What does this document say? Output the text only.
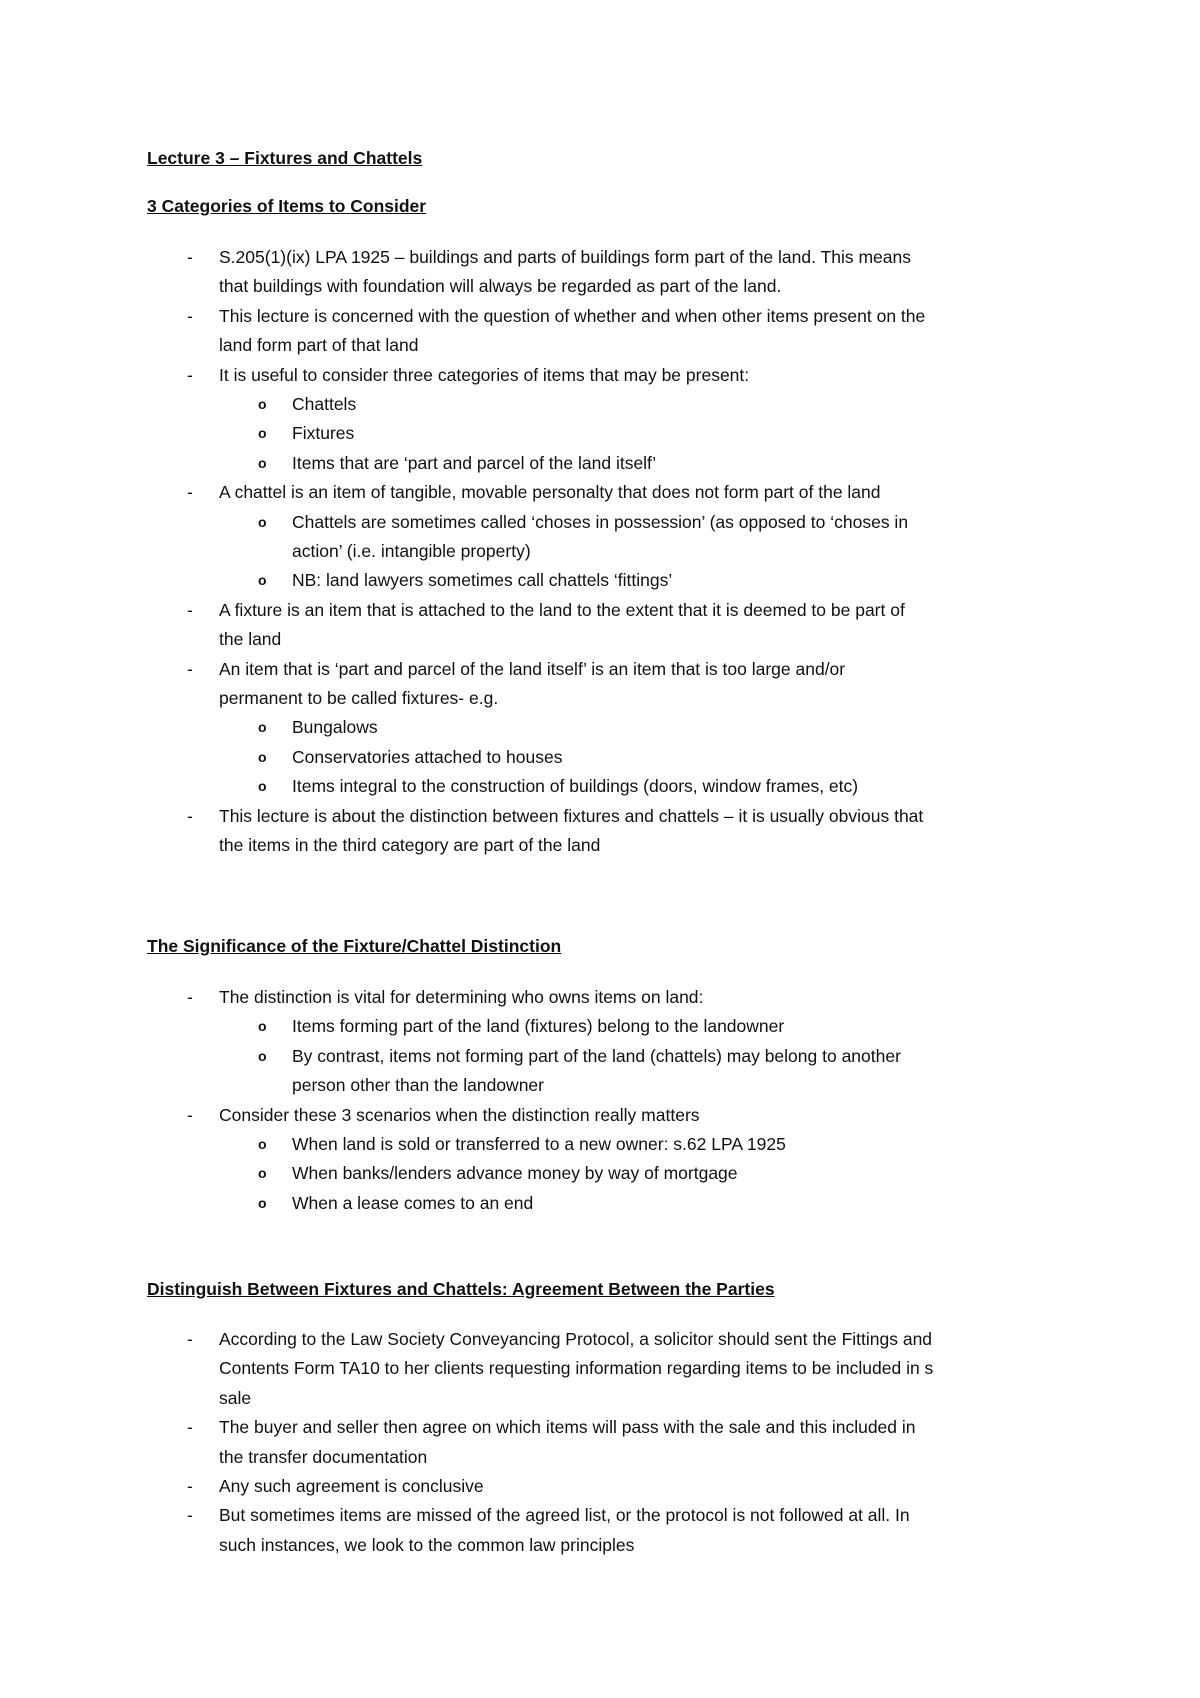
Lecture 3 – Fixtures and Chattels
3 Categories of Items to Consider
- S.205(1)(ix) LPA 1925 – buildings and parts of buildings form part of the land. This means
that buildings with foundation will always be regarded as part of the land.
- This lecture is concerned with the question of whether and when other items present on the
land form part of that land
- It is useful to consider three categories of items that may be present:
o Chattels
o Fixtures
o Items that are ‘part and parcel of the land itself’
- A chattel is an item of tangible, movable personalty that does not form part of the land
o Chattels are sometimes called ‘choses in possession’ (as opposed to ‘choses in
action’ (i.e. intangible property)
o NB: land lawyers sometimes call chattels ‘fittings’
- A fixture is an item that is attached to the land to the extent that it is deemed to be part of
the land
- An item that is ‘part and parcel of the land itself’ is an item that is too large and/or
permanent to be called fixtures- e.g.
o Bungalows
o Conservatories attached to houses
o Items integral to the construction of buildings (doors, window frames, etc)
- This lecture is about the distinction between fixtures and chattels – it is usually obvious that
the items in the third category are part of the land
The Significance of the Fixture/Chattel Distinction
- The distinction is vital for determining who owns items on land:
o Items forming part of the land (fixtures) belong to the landowner
o By contrast, items not forming part of the land (chattels) may belong to another
person other than the landowner
- Consider these 3 scenarios when the distinction really matters
o When land is sold or transferred to a new owner: s.62 LPA 1925
o When banks/lenders advance money by way of mortgage
o When a lease comes to an end
Distinguish Between Fixtures and Chattels: Agreement Between the Parties
- According to the Law Society Conveyancing Protocol, a solicitor should sent the Fittings and
Contents Form TA10 to her clients requesting information regarding items to be included in s
sale
- The buyer and seller then agree on which items will pass with the sale and this included in
the transfer documentation
- Any such agreement is conclusive
- But sometimes items are missed of the agreed list, or the protocol is not followed at all. In
such instances, we look to the common law principles
